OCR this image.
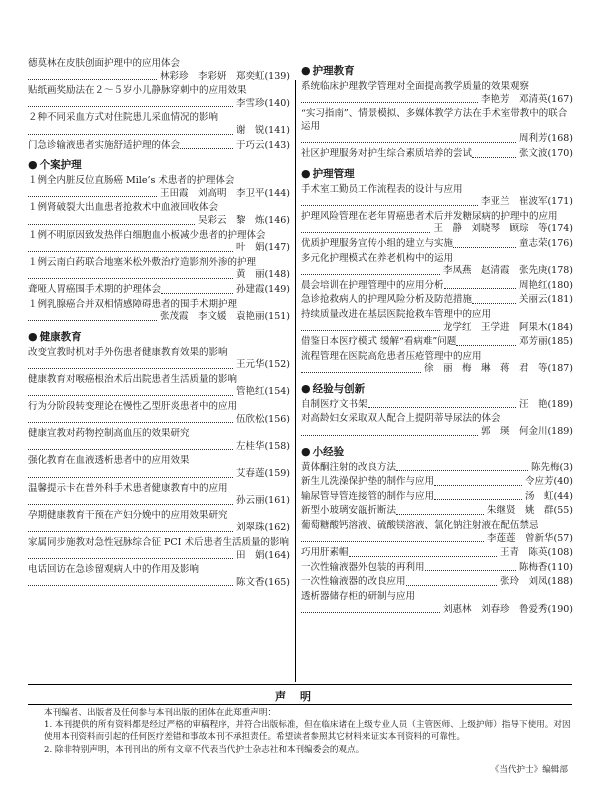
德莫林在皮肤创面护理中的应用体会
林彩珍　李彩妍　郑奕虹(139)
贴纸画奖励法在２～５岁小儿静脉穿刺中的应用效果
李雪珍(140)
２种不同采血方式对住院患儿采血情况的影响
谢　锐(141)
门急诊输液患者实施舒适护理的体会	于巧云(143)
● 个案护理
１例全内脏反位直肠癌 Mile’s 术患者的护理体会
王田霞　刘高明　李卫平(144)
１例肾破裂大出血患者抢救术中血液回收体会
吴彩云　黎　炼(146)
１例不明原因致发热伴白细胞血小板减少患者的护理体会
叶　娟(147)
１例云南白药联合地塞米松外敷治疗造影剂外渗的护理
黄　丽(148)
聋哑人胃癌围手术期的护理体会	孙建霞(149)
１例乳腺癌合并双相情感障碍患者的围手术期护理
张茂霞　李文媛　袁艳丽(151)
● 健康教育
改变宣教时机对手外伤患者健康教育效果的影响
王元华(152)
健康教育对喉癌根治术后出院患者生活质量的影响
管艳红(154)
行为分阶段转变理论在慢性乙型肝炎患者中的应用
伍欣松(156)
健康宣教对药物控制高血压的效果研究
左桂华(158)
强化教育在血液透析患者中的应用效果
艾春莲(159)
温馨提示卡在普外科手术患者健康教育中的应用
孙云丽(161)
孕期健康教育干预在产妇分娩中的应用效果研究
刘翠珠(162)
家属同步施教对急性冠脉综合征 PCI 术后患者生活质量的影响
田　娟(164)
电话回访在急诊留观病人中的作用及影响
陈文香(165)
● 护理教育
系统临床护理教学管理对全面提高教学质量的效果观察
李艳芳　邓清英(167)
“实习指南”、情景模拟、多媒体教学方法在手术室带教中的联合运用
周利芳(168)
社区护理服务对护生综合素质培养的尝试	张文波(170)
● 护理管理
手术室工勤员工作流程表的设计与应用
李亚兰　崔波军(171)
护理风险管理在老年胃癌患者术后并发糖尿病的护理中的应用
王　静　刘晓琴　顾琮　等(174)
优质护理服务宣传小组的建立与实施	童志荣(176)
多元化护理模式在养老机构中的运用
李凤燕　赵清霞　张先庚(178)
晨会培训在护理管理中的应用分析	周艳红(180)
急诊抢救病人的护理风险分析及防范措施	关丽云(181)
持续质量改进在基层医院抢救车管理中的应用
龙学红　王学进　阿果木(184)
借鉴日本医疗模式 缓解“看病难”问题	邓芳丽(185)
流程管理在医院高危患者压疮管理中的应用
徐　丽　梅　琳　蒋　君　等(187)
● 经验与创新
自制医疗文书架	汪　艳(189)
对高龄妇女采取双人配合上提阴蒂导尿法的体会
郭　瑛　何金川(189)
● 小经验
黄体酮注射的改良方法	陈先梅(3)
新生儿洗澡保护垫的制作与应用	令应芳(40)
输尿管导管连接管的制作与应用	汤　虹(44)
新型小玻璃安瓿折断法	朱继贤　姚　群(55)
葡萄糖酸钙溶液、硫酸镁溶液、氯化钠注射液在配伍禁忌
李莲莲　曾新华(57)
巧用肝素帽	王青　陈英(108)
一次性输液器外包装的再利用	陈梅香(110)
一次性输液器的改良应用	张玲　刘凤(188)
透析器储存柜的研制与应用
刘惠林　刘春珍　鲁爱秀(190)
声明

本刊编者、出版者及任何参与本刊出版的团体在此郑重声明：

1. 本刊提供的所有资料都是经过严格的审稿程序，并符合出版标准，但在临床诸在上级专业人员（主管医师、上级护师）指导下使用。对因使用本刊资料而引起的任何医疗差错和事故本刊不承担责任。希望读者参照其它材料来证实本刊资料的可靠性。

2. 除非特别声明，本刊刊出的所有文章不代表当代护士杂志社和本刊编委会的观点。

《当代护士》编辑部
